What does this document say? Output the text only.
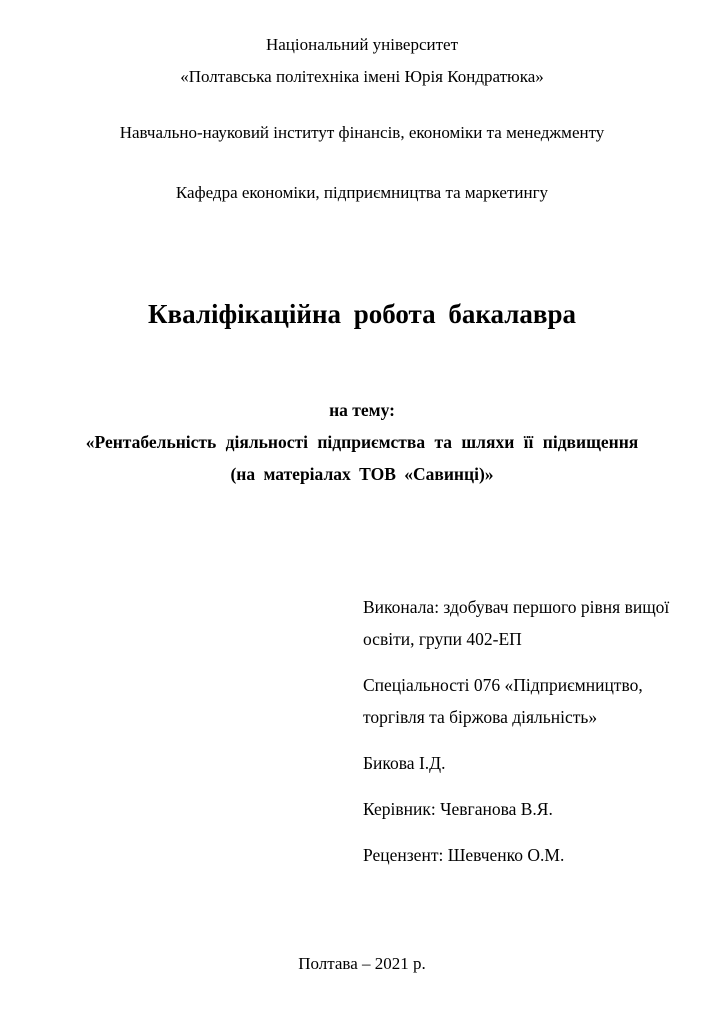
Національний університет
«Полтавська політехніка імені Юрія Кондратюка»
Навчально-науковий інститут фінансів, економіки та менеджменту
Кафедра економіки, підприємництва та маркетингу
Кваліфікаційна робота бакалавра
на тему:
«Рентабельність діяльності підприємства та шляхи її підвищення
(на матеріалах ТОВ «Савинці)»

Виконала: здобувач першого рівня вищої
освіти, групи 402-ЕП

Спеціальності 076 «Підприємництво,
торгівля та біржова діяльність»

Бикова І.Д.

Керівник: Чевганова В.Я.

Рецензент: Шевченко О.М.

Полтава – 2021 р.
